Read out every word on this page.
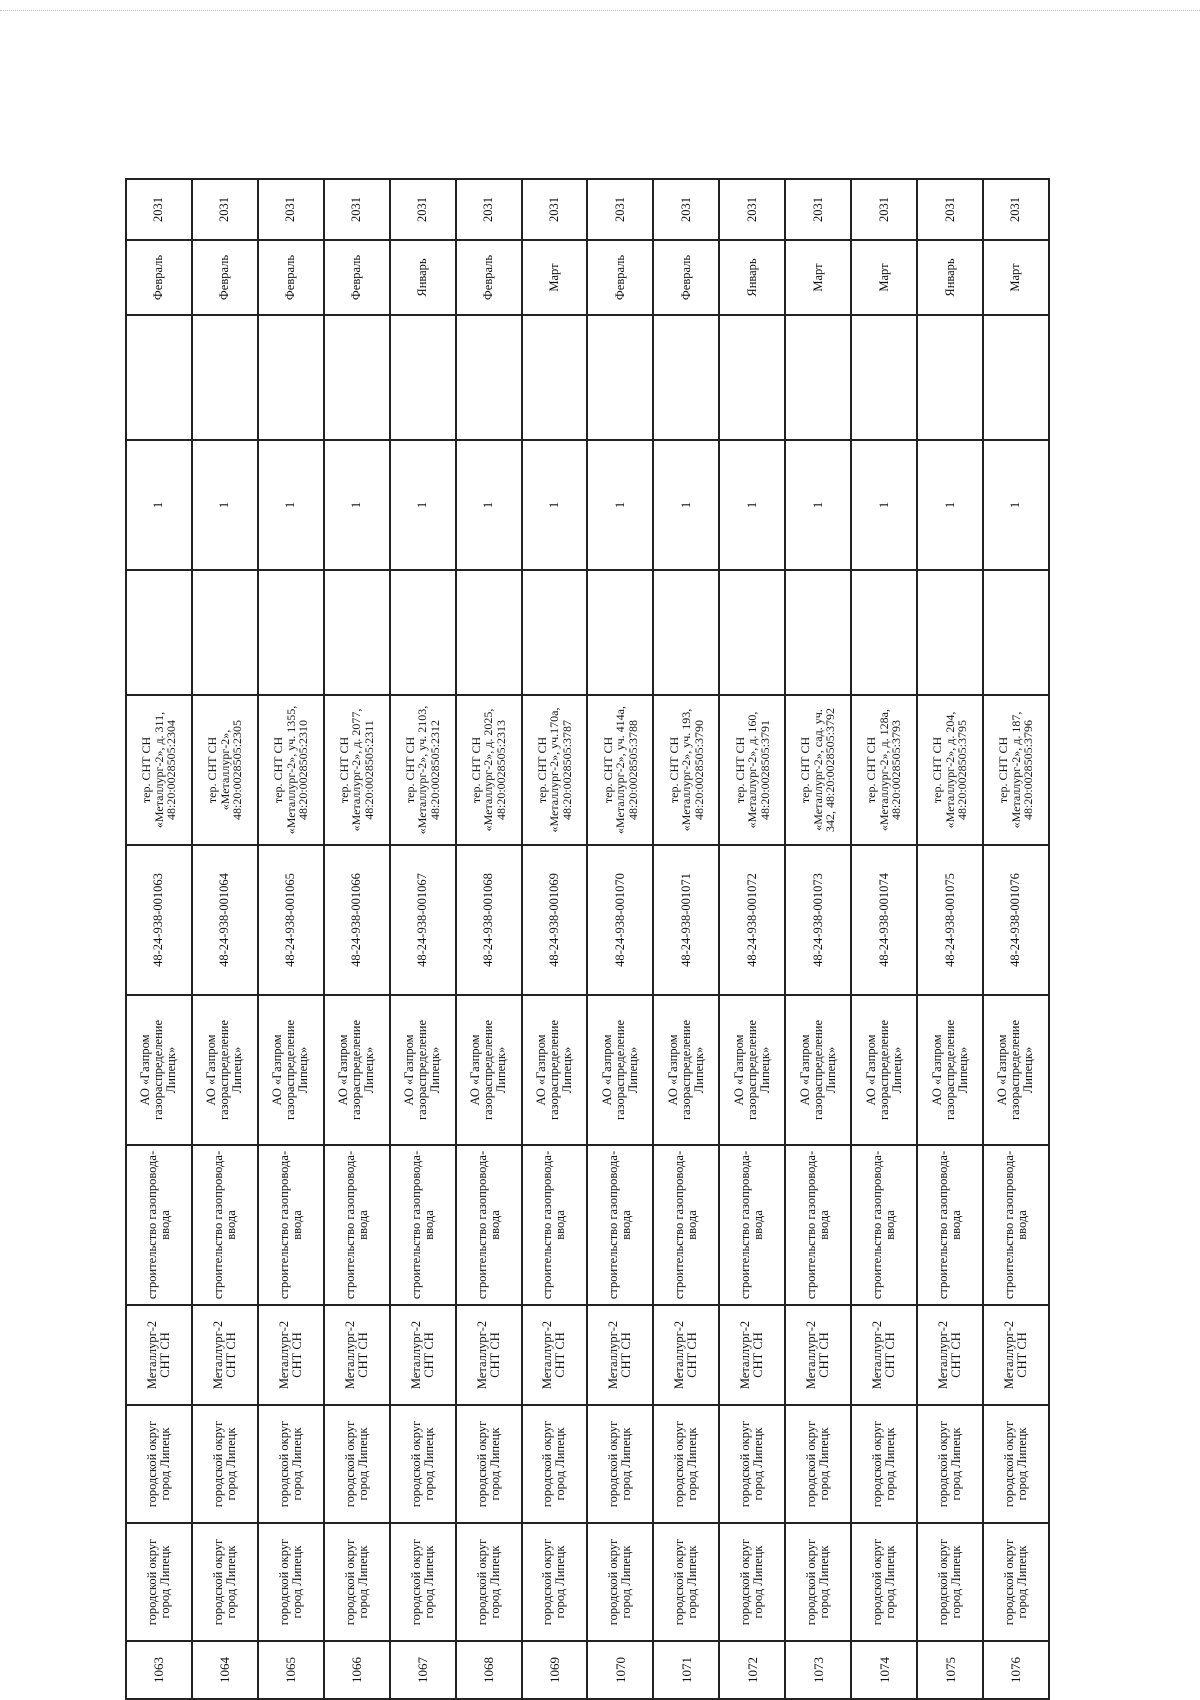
1063	городской округ город Липецк	городской округ город Липецк	Металлург-2 СНТ СН	строительство газопровода-ввода	АО «Газпром газораспределение Липецк»	48-24-938-001063	тер. СНТ СН «Металлург-2», д. 311, 48:20:0028505:2304		1		Февраль	2031
1064	городской округ город Липецк	городской округ город Липецк	Металлург-2 СНТ СН	строительство газопровода-ввода	АО «Газпром газораспределение Липецк»	48-24-938-001064	тер. СНТ СН «Металлург-2», 48:20:0028505:2305		1		Февраль	2031
1065	городской округ город Липецк	городской округ город Липецк	Металлург-2 СНТ СН	строительство газопровода-ввода	АО «Газпром газораспределение Липецк»	48-24-938-001065	тер. СНТ СН «Металлург-2», уч. 1355, 48:20:0028505:2310		1		Февраль	2031
1066	городской округ город Липецк	городской округ город Липецк	Металлург-2 СНТ СН	строительство газопровода-ввода	АО «Газпром газораспределение Липецк»	48-24-938-001066	тер. СНТ СН «Металлург-2», д. 2077, 48:20:0028505:2311		1		Февраль	2031
1067	городской округ город Липецк	городской округ город Липецк	Металлург-2 СНТ СН	строительство газопровода-ввода	АО «Газпром газораспределение Липецк»	48-24-938-001067	тер. СНТ СН «Металлург-2», уч. 2103, 48:20:0028505:2312		1		Январь	2031
1068	городской округ город Липецк	городской округ город Липецк	Металлург-2 СНТ СН	строительство газопровода-ввода	АО «Газпром газораспределение Липецк»	48-24-938-001068	тер. СНТ СН «Металлург-2», д. 2025, 48:20:0028505:2313		1		Февраль	2031
1069	городской округ город Липецк	городской округ город Липецк	Металлург-2 СНТ СН	строительство газопровода-ввода	АО «Газпром газораспределение Липецк»	48-24-938-001069	тер. СНТ СН «Металлург-2», уч.170а, 48:20:0028505:3787		1		Март	2031
1070	городской округ город Липецк	городской округ город Липецк	Металлург-2 СНТ СН	строительство газопровода-ввода	АО «Газпром газораспределение Липецк»	48-24-938-001070	тер. СНТ СН «Металлург-2», уч. 414а, 48:20:0028505:3788		1		Февраль	2031
1071	городской округ город Липецк	городской округ город Липецк	Металлург-2 СНТ СН	строительство газопровода-ввода	АО «Газпром газораспределение Липецк»	48-24-938-001071	тер. СНТ СН «Металлург-2», уч. 193, 48:20:0028505:3790		1		Февраль	2031
1072	городской округ город Липецк	городской округ город Липецк	Металлург-2 СНТ СН	строительство газопровода-ввода	АО «Газпром газораспределение Липецк»	48-24-938-001072	тер. СНТ СН «Металлург-2», д. 160, 48:20:0028505:3791		1		Январь	2031
1073	городской округ город Липецк	городской округ город Липецк	Металлург-2 СНТ СН	строительство газопровода-ввода	АО «Газпром газораспределение Липецк»	48-24-938-001073	тер. СНТ СН «Металлург-2», сад. уч. 342, 48:20:0028505:3792		1		Март	2031
1074	городской округ город Липецк	городской округ город Липецк	Металлург-2 СНТ СН	строительство газопровода-ввода	АО «Газпром газораспределение Липецк»	48-24-938-001074	тер. СНТ СН «Металлург-2», д. 128а, 48:20:0028505:3793		1		Март	2031
1075	городской округ город Липецк	городской округ город Липецк	Металлург-2 СНТ СН	строительство газопровода-ввода	АО «Газпром газораспределение Липецк»	48-24-938-001075	тер. СНТ СН «Металлург-2», д. 204, 48:20:0028505:3795		1		Январь	2031
1076	городской округ город Липецк	городской округ город Липецк	Металлург-2 СНТ СН	строительство газопровода-ввода	АО «Газпром газораспределение Липецк»	48-24-938-001076	тер. СНТ СН «Металлург-2», д. 187, 48:20:0028505:3796		1		Март	2031
